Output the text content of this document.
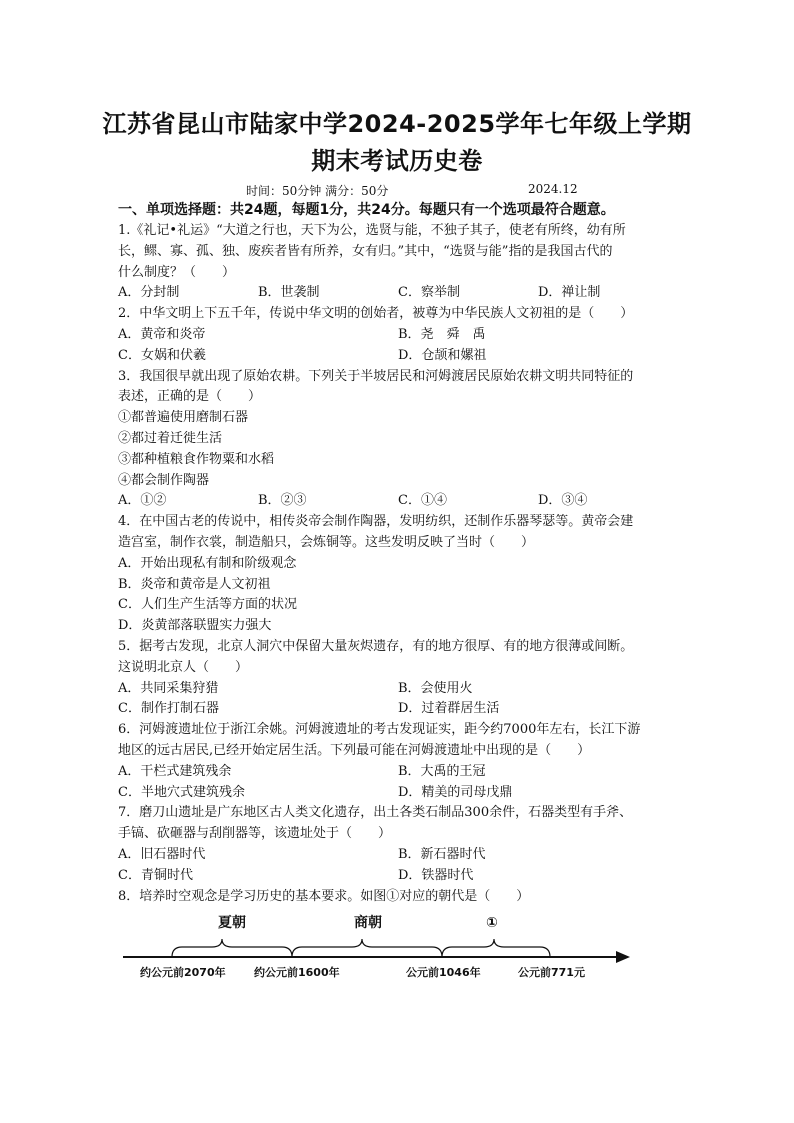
江苏省昆山市陆家中学2024-2025学年七年级上学期
期末考试历史卷
时间：50分钟 满分：50分	2024.12

一、单项选择题：共24题，每题1分，共24分。每题只有一个选项最符合题意。

1.《礼记•礼运》“大道之行也，天下为公，选贤与能，不独子其子，使老有所终，幼有所

长，鳏、寡、孤、独、废疾者皆有所养，女有归。”其中，“选贤与能”指的是我国古代的

什么制度？（　　）

A．分封制	B．世袭制	C．察举制	D．禅让制

2．中华文明上下五千年，传说中华文明的创始者，被尊为中华民族人文初祖的是（　　）

A．黄帝和炎帝	B．尧　舜　禹
C．女娲和伏羲	D．仓颉和嫘祖

3．我国很早就出现了原始农耕。下列关于半坡居民和河姆渡居民原始农耕文明共同特征的

表述，正确的是（　　）

①都普遍使用磨制石器

②都过着迁徙生活

③都种植粮食作物粟和水稻

④都会制作陶器

A．①②	B．②③	C．①④	D．③④

4．在中国古老的传说中，相传炎帝会制作陶器，发明纺织，还制作乐器琴瑟等。黄帝会建

造宫室，制作衣裳，制造船只，会炼铜等。这些发明反映了当时（　　）

A．开始出现私有制和阶级观念

B．炎帝和黄帝是人文初祖

C．人们生产生活等方面的状况

D．炎黄部落联盟实力强大

5．据考古发现，北京人洞穴中保留大量灰烬遗存，有的地方很厚、有的地方很薄或间断。

这说明北京人（　　）

A．共同采集狩猎	B．会使用火
C．制作打制石器	D．过着群居生活

6．河姆渡遗址位于浙江余姚。河姆渡遗址的考古发现证实，距今约7000年左右，长江下游

地区的远古居民,已经开始定居生活。下列最可能在河姆渡遗址中出现的是（　　）

A．干栏式建筑残余	B．大禹的王冠
C．半地穴式建筑残余	D．精美的司母戊鼎

7．磨刀山遗址是广东地区古人类文化遗存，出土各类石制品300余件，石器类型有手斧、

手镐、砍砸器与刮削器等，该遗址处于（　　）

A．旧石器时代	B．新石器时代
C．青铜时代	D．铁器时代

8．培养时空观念是学习历史的基本要求。如图①对应的朝代是（　　）

夏朝	商朝	①
约公元前2070年	约公元前1600年	公元前1046年	公元前771元
